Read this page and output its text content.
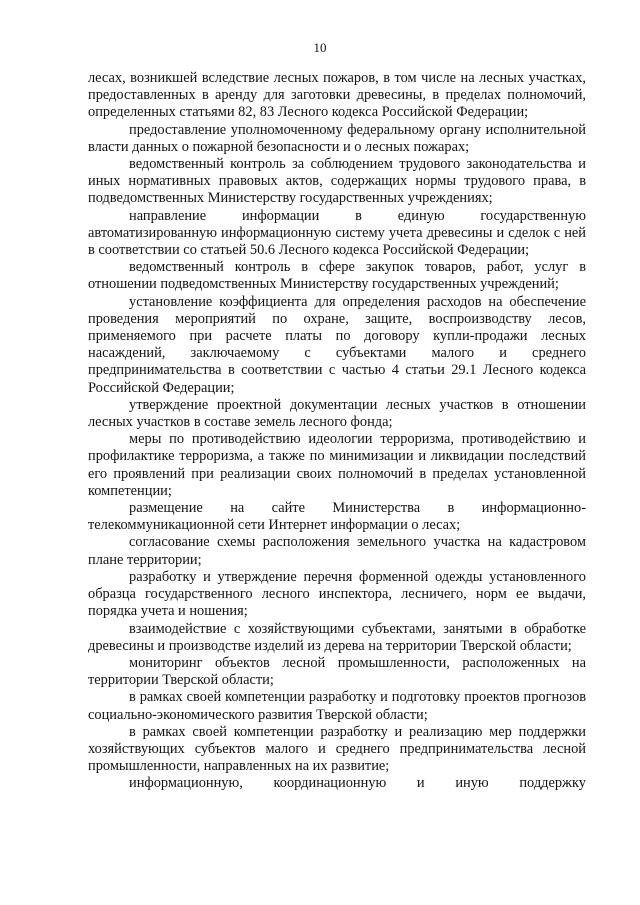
10

лесах, возникшей вследствие лесных пожаров, в том числе на лесных участках, предоставленных в аренду для заготовки древесины, в пределах полномочий, определенных статьями 82, 83 Лесного кодекса Российской Федерации;

предоставление уполномоченному федеральному органу исполнительной власти данных о пожарной безопасности и о лесных пожарах;

ведомственный контроль за соблюдением трудового законодательства и иных нормативных правовых актов, содержащих нормы трудового права, в подведомственных Министерству государственных учреждениях;

направление информации в единую государственную автоматизированную информационную систему учета древесины и сделок с ней в соответствии со статьей 50.6 Лесного кодекса Российской Федерации;

ведомственный контроль в сфере закупок товаров, работ, услуг в отношении подведомственных Министерству государственных учреждений;

установление коэффициента для определения расходов на обеспечение проведения мероприятий по охране, защите, воспроизводству лесов, применяемого при расчете платы по договору купли-продажи лесных насаждений, заключаемому с субъектами малого и среднего предпринимательства в соответствии с частью 4 статьи 29.1 Лесного кодекса Российской Федерации;

утверждение проектной документации лесных участков в отношении лесных участков в составе земель лесного фонда;

меры по противодействию идеологии терроризма, противодействию и профилактике терроризма, а также по минимизации и ликвидации последствий его проявлений при реализации своих полномочий в пределах установленной компетенции;

размещение на сайте Министерства в информационно-телекоммуникационной сети Интернет информации о лесах;

согласование схемы расположения земельного участка на кадастровом плане территории;

разработку и утверждение перечня форменной одежды установленного образца государственного лесного инспектора, лесничего, норм ее выдачи, порядка учета и ношения;

взаимодействие с хозяйствующими субъектами, занятыми в обработке древесины и производстве изделий из дерева на территории Тверской области;

мониторинг объектов лесной промышленности, расположенных на территории Тверской области;

в рамках своей компетенции разработку и подготовку проектов прогнозов социально-экономического развития Тверской области;

в рамках своей компетенции разработку и реализацию мер поддержки хозяйствующих субъектов малого и среднего предпринимательства лесной промышленности, направленных на их развитие;

информационную, координационную и иную поддержку
